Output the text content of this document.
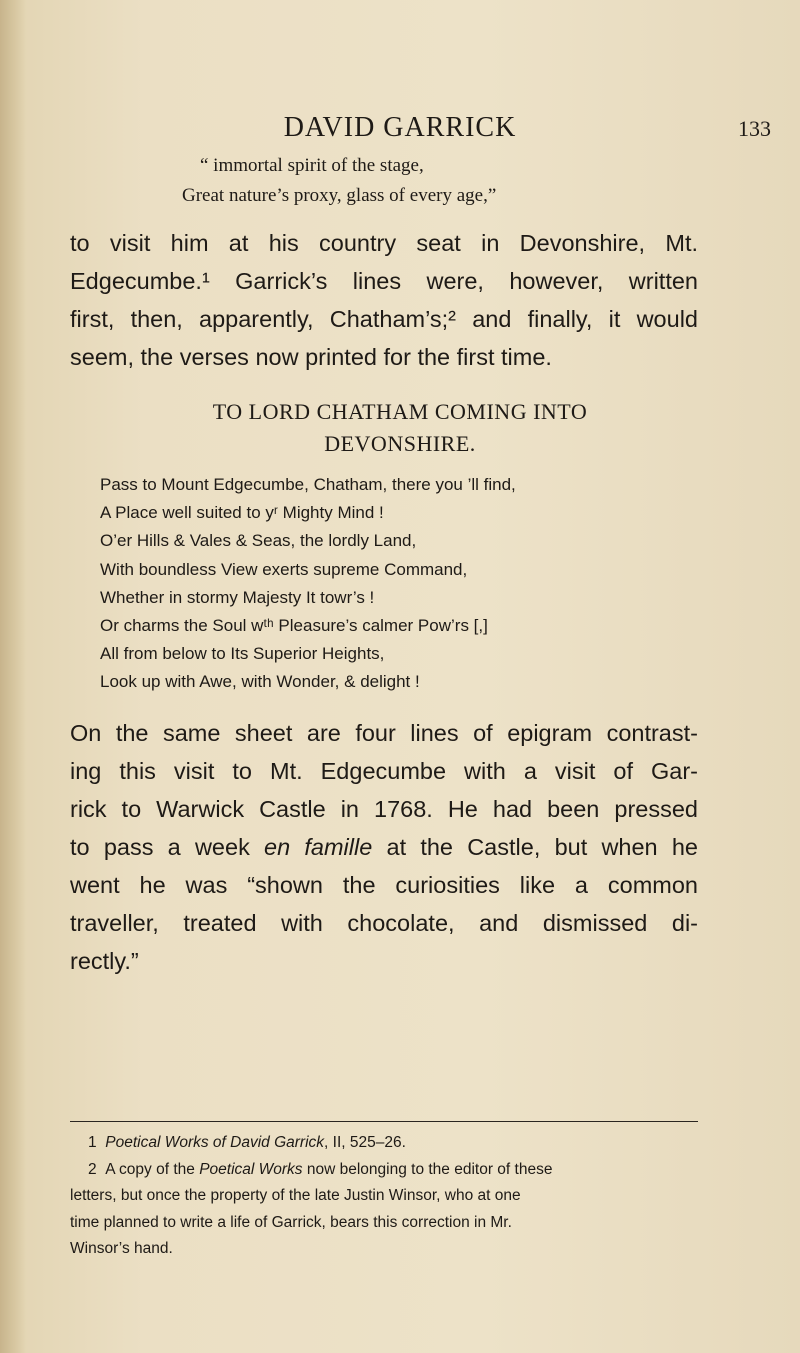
DAVID GARRICK	133
“ immortal spirit of the stage,
Great nature’s proxy, glass of every age,”
to visit him at his country seat in Devonshire, Mt.
Edgecumbe.¹ Garrick’s lines were, however, written
first, then, apparently, Chatham’s;² and finally, it would
seem, the verses now printed for the first time.
TO LORD CHATHAM COMING INTO
DEVONSHIRE.
Pass to Mount Edgecumbe, Chatham, there you ’ll find,
A Place well suited to yʳ Mighty Mind !
O’er Hills & Vales & Seas, the lordly Land,
With boundless View exerts supreme Command,
Whether in stormy Majesty It towr’s !
Or charms the Soul wᵗʰ Pleasure’s calmer Pow’rs [,]
All from below to Its Superior Heights,
Look up with Awe, with Wonder, & delight !
On the same sheet are four lines of epigram contrast-
ing this visit to Mt. Edgecumbe with a visit of Gar-
rick to Warwick Castle in 1768. He had been pressed
to pass a week en famille at the Castle, but when he
went he was “shown the curiosities like a common
traveller, treated with chocolate, and dismissed di-
rectly.”
1 Poetical Works of David Garrick, II, 525–26.
2 A copy of the Poetical Works now belonging to the editor of these
letters, but once the property of the late Justin Winsor, who at one
time planned to write a life of Garrick, bears this correction in Mr.
Winsor’s hand.
